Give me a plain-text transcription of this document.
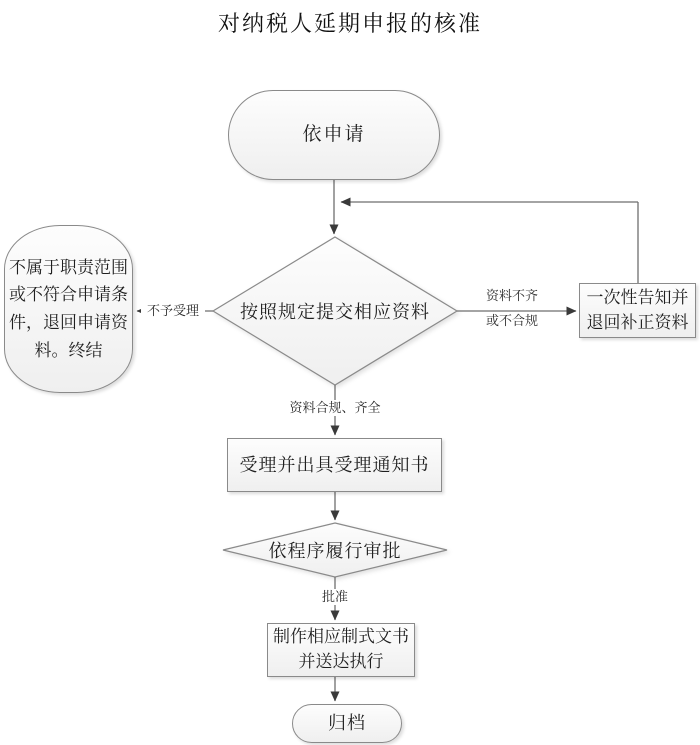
对纳税人延期申报的核准
依申请
不属于职责范围或不符合申请条件，退回申请资料。终结
一次性告知并退回补正资料
受理并出具受理通知书
制作相应制式文书并送达执行
归档
按照规定提交相应资料
依程序履行审批
不予受理
资料不齐
或不合规
资料合规、齐全
批准
